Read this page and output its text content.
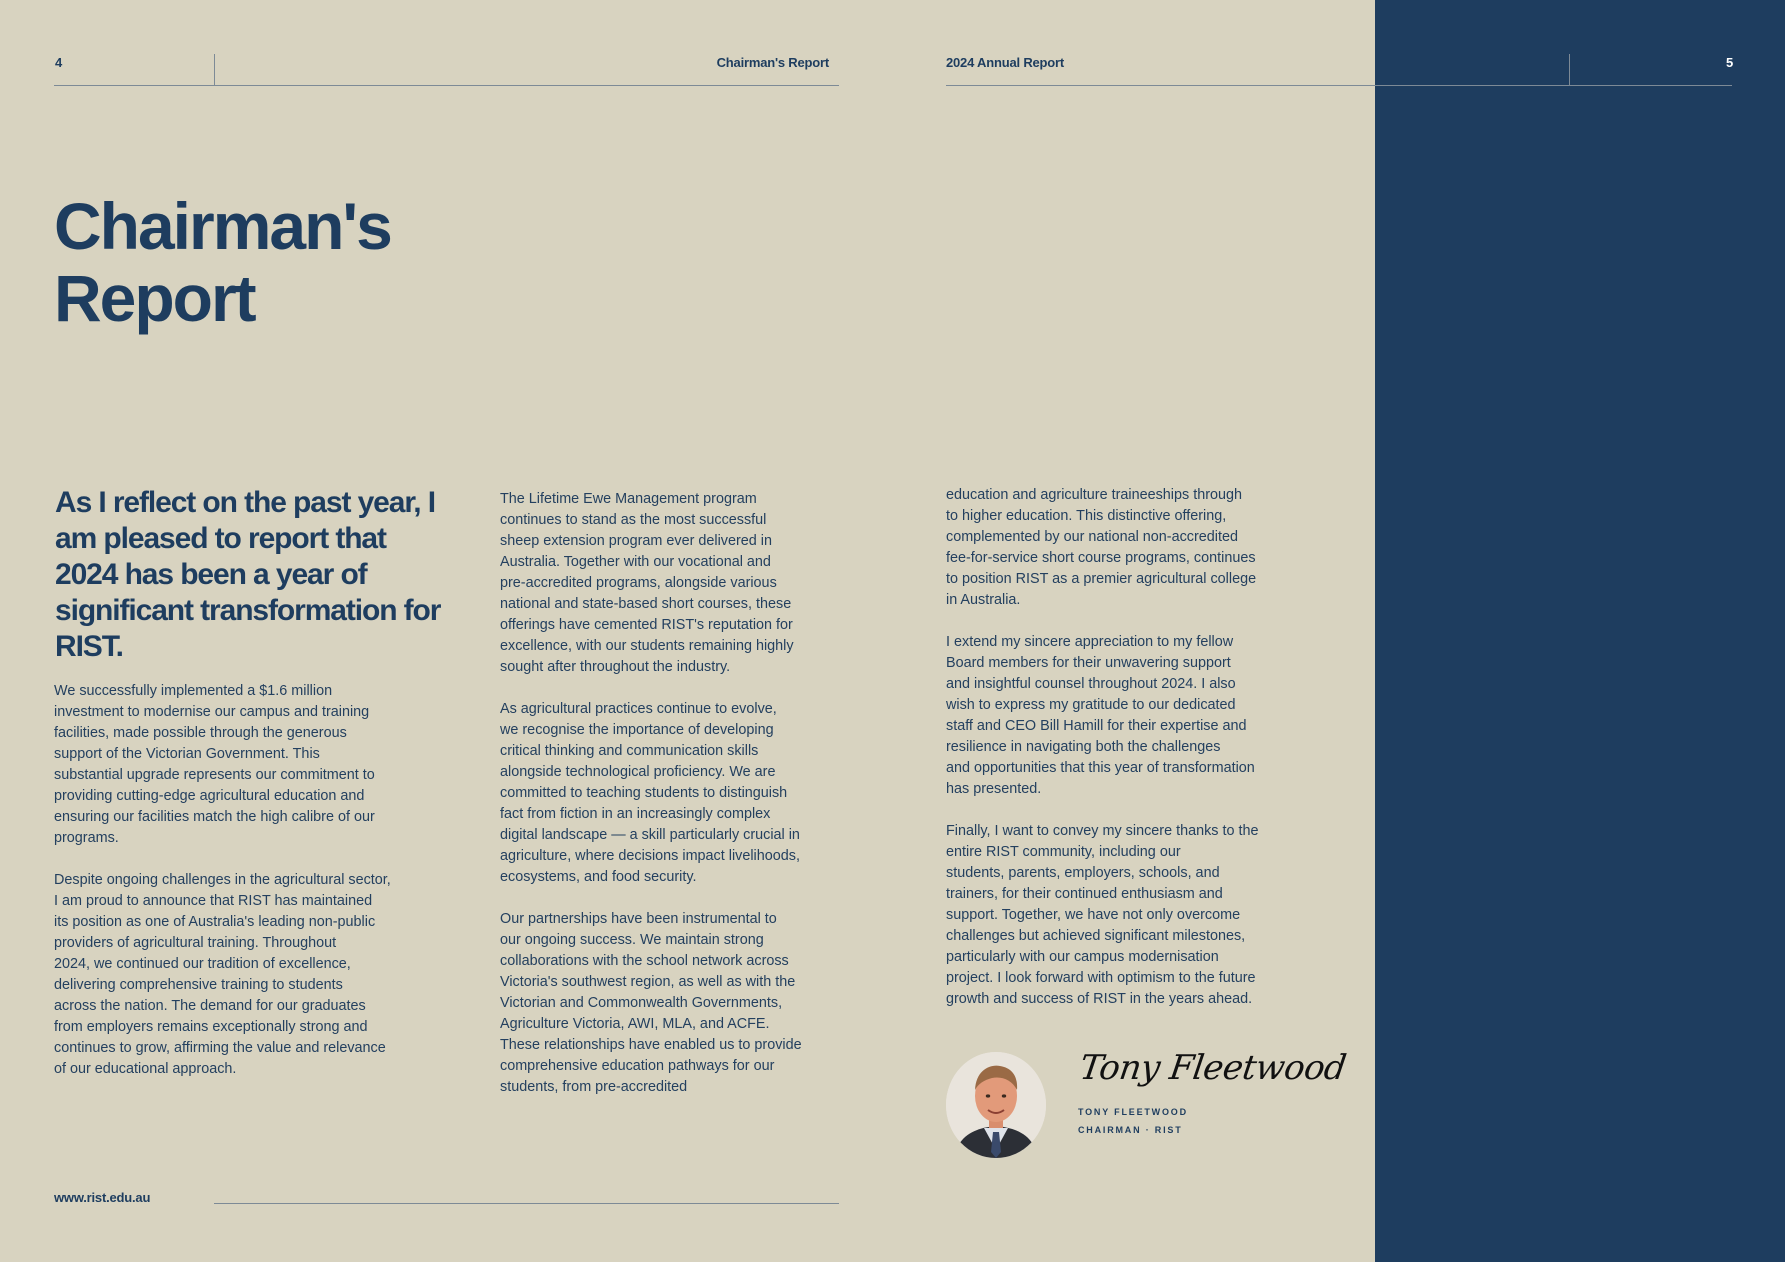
4	Chairman's Report	2024 Annual Report	5
Chairman's
Report
As I reflect on the past year, I am pleased to report that 2024 has been a year of significant transformation for RIST.

We successfully implemented a $1.6 million
investment to modernise our campus and training
facilities, made possible through the generous
support of the Victorian Government. This
substantial upgrade represents our commitment to
providing cutting-edge agricultural education and
ensuring our facilities match the high calibre of our
programs.

Despite ongoing challenges in the agricultural sector,
I am proud to announce that RIST has maintained
its position as one of Australia's leading non-public
providers of agricultural training. Throughout
2024, we continued our tradition of excellence,
delivering comprehensive training to students
across the nation. The demand for our graduates
from employers remains exceptionally strong and
continues to grow, affirming the value and relevance
of our educational approach.

The Lifetime Ewe Management program
continues to stand as the most successful
sheep extension program ever delivered in
Australia. Together with our vocational and
pre-accredited programs, alongside various
national and state-based short courses, these
offerings have cemented RIST's reputation for
excellence, with our students remaining highly
sought after throughout the industry.

As agricultural practices continue to evolve,
we recognise the importance of developing
critical thinking and communication skills
alongside technological proficiency. We are
committed to teaching students to distinguish
fact from fiction in an increasingly complex
digital landscape — a skill particularly crucial in
agriculture, where decisions impact livelihoods,
ecosystems, and food security.

Our partnerships have been instrumental to
our ongoing success. We maintain strong
collaborations with the school network across
Victoria's southwest region, as well as with the
Victorian and Commonwealth Governments,
Agriculture Victoria, AWI, MLA, and ACFE.
These relationships have enabled us to provide
comprehensive education pathways for our
students, from pre-accredited

education and agriculture traineeships through
to higher education. This distinctive offering,
complemented by our national non-accredited
fee-for-service short course programs, continues
to position RIST as a premier agricultural college
in Australia.

I extend my sincere appreciation to my fellow
Board members for their unwavering support
and insightful counsel throughout 2024. I also
wish to express my gratitude to our dedicated
staff and CEO Bill Hamill for their expertise and
resilience in navigating both the challenges
and opportunities that this year of transformation
has presented.

Finally, I want to convey my sincere thanks to the
entire RIST community, including our
students, parents, employers, schools, and
trainers, for their continued enthusiasm and
support. Together, we have not only overcome
challenges but achieved significant milestones,
particularly with our campus modernisation
project. I look forward with optimism to the future
growth and success of RIST in the years ahead.

Tony Fleetwood
TONY FLEETWOOD
CHAIRMAN · RIST
www.rist.edu.au
